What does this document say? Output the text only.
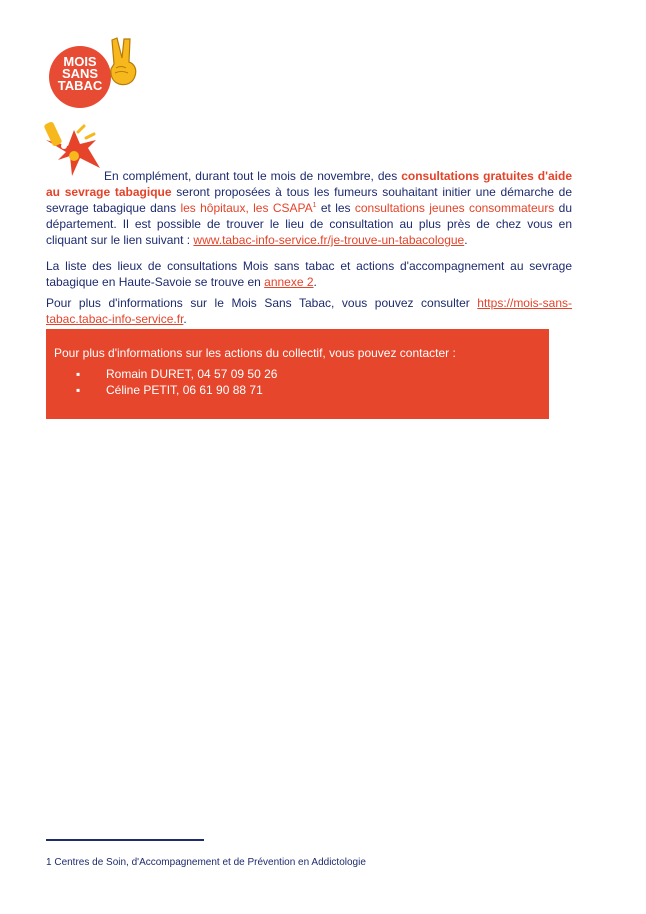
MOIS
SANS
TABAC
En complément, durant tout le mois de novembre, des consultations gratuites d'aide au sevrage tabagique seront proposées à tous les fumeurs souhaitant initier une démarche de sevrage tabagique dans les hôpitaux, les CSAPA$^1$ et les consultations jeunes consommateurs du département. Il est possible de trouver le lieu de consultation au plus près de chez vous en cliquant sur le lien suivant : www.tabac-info-service.fr/je-trouve-un-tabacologue.
La liste des lieux de consultations Mois sans tabac et actions d'accompagnement au sevrage tabagique en Haute-Savoie se trouve en annexe 2.
Pour plus d'informations sur le Mois Sans Tabac, vous pouvez consulter https://mois-sans-tabac.tabac-info-service.fr.
Pour plus d'informations sur les actions du collectif, vous pouvez contacter :
▪ Romain DURET, 04 57 09 50 26
▪ Céline PETIT, 06 61 90 88 71
1 Centres de Soin, d'Accompagnement et de Prévention en Addictologie
